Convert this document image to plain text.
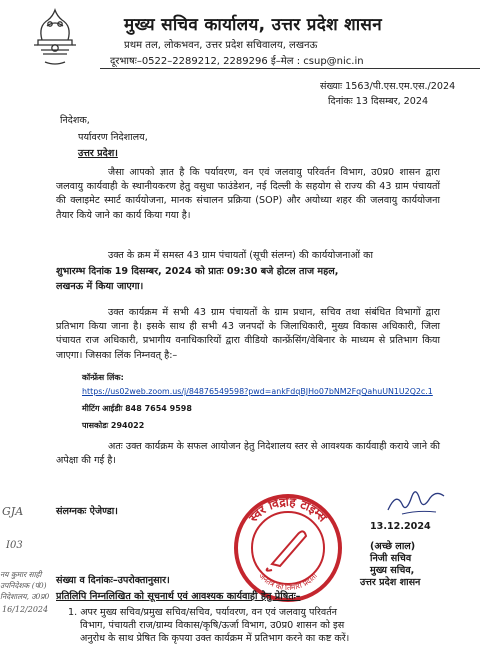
मुख्य सचिव कार्यालय, उत्तर प्रदेश शासन
प्रथम तल, लोकभवन, उत्तर प्रदेश सचिवालय, लखनऊ
दूरभाषः–0522–2289212, 2289296 ई–मेल : csup@nic.in
संख्याः 1563/पी.एस.एम.एस./2024
दिनांकः 13 दिसम्बर, 2024
निदेशक,
पर्यावरण निदेशालय,
उत्तर प्रदेश।
जैसा आपको ज्ञात है कि पर्यावरण, वन एवं जलवायु परिवर्तन विभाग, उ0प्र0 शासन द्वारा जलवायु कार्यवाही के स्थानीयकरण हेतु वसुधा फाउंडेशन, नई दिल्ली के सहयोग से राज्य की 43 ग्राम पंचायतों की क्लाइमेट स्मार्ट कार्ययोजना, मानक संचालन प्रक्रिया (SOP) और अयोध्या शहर की जलवायु कार्ययोजना तैयार किये जाने का कार्य किया गया है।
उक्त के क्रम में समस्त 43 ग्राम पंचायतों (सूची संलग्न) की कार्ययोजनाओं का
शुभारम्भ दिनांक 19 दिसम्बर, 2024 को प्रातः 09:30 बजे होटल ताज महल,
लखनऊ में किया जाएगा।
उक्त कार्यक्रम में सभी 43 ग्राम पंचायतों के ग्राम प्रधान, सचिव तथा संबंधित विभागों द्वारा प्रतिभाग किया जाना है। इसके साथ ही सभी 43 जनपदों के जिलाधिकारी, मुख्य विकास अधिकारी, जिला पंचायत राज अधिकारी, प्रभागीय वनाधिकारियों द्वारा वीडियो कान्फ्रेंसिंग/वेबिनार के माध्यम से प्रतिभाग किया जाएगा। जिसका लिंक निम्नवत् है:–
कॉन्फ्रेंस लिंक:
https://us02web.zoom.us/j/84876549598?pwd=ankFdqBJHo07bNM2FqQahuUN1U2Q2c.1
मीटिंग आईडीः 848 7654 9598
पासकोडः 294022
अतः उक्त कार्यक्रम के सफल आयोजन हेतु निदेशालय स्तर से आवश्यक कार्यवाही कराये जाने की अपेक्षा की गई है।
संलग्नकः ऐजेण्डा।
13.12.2024
(अच्छे लाल)
निजी सचिव
मुख्य सचिव,
उत्तर प्रदेश शासन
स्वर विद्रोह टाइम्स
जनतंत्र की तिमारी प्रदाता
GJA
I03
नय कुमार साही
उपनिदेशक (पं0)
निदेशालय, उ0प्र0
16/12/2024
संख्या व दिनांकः–उपरोक्तानुसार।
प्रतिलिपि निम्नलिखित को सूचनार्थ एवं आवश्यक कार्यवाही हेतु प्रेषितः–
1. अपर मुख्य सचिव/प्रमुख सचिव/सचिव, पर्यावरण, वन एवं जलवायु परिवर्तन
विभाग, पंचायती राज/ग्राम्य विकास/कृषि/ऊर्जा विभाग, उ0प्र0 शासन को इस
अनुरोध के साथ प्रेषित कि कृपया उक्त कार्यक्रम में प्रतिभाग करने का कष्ट करें।
